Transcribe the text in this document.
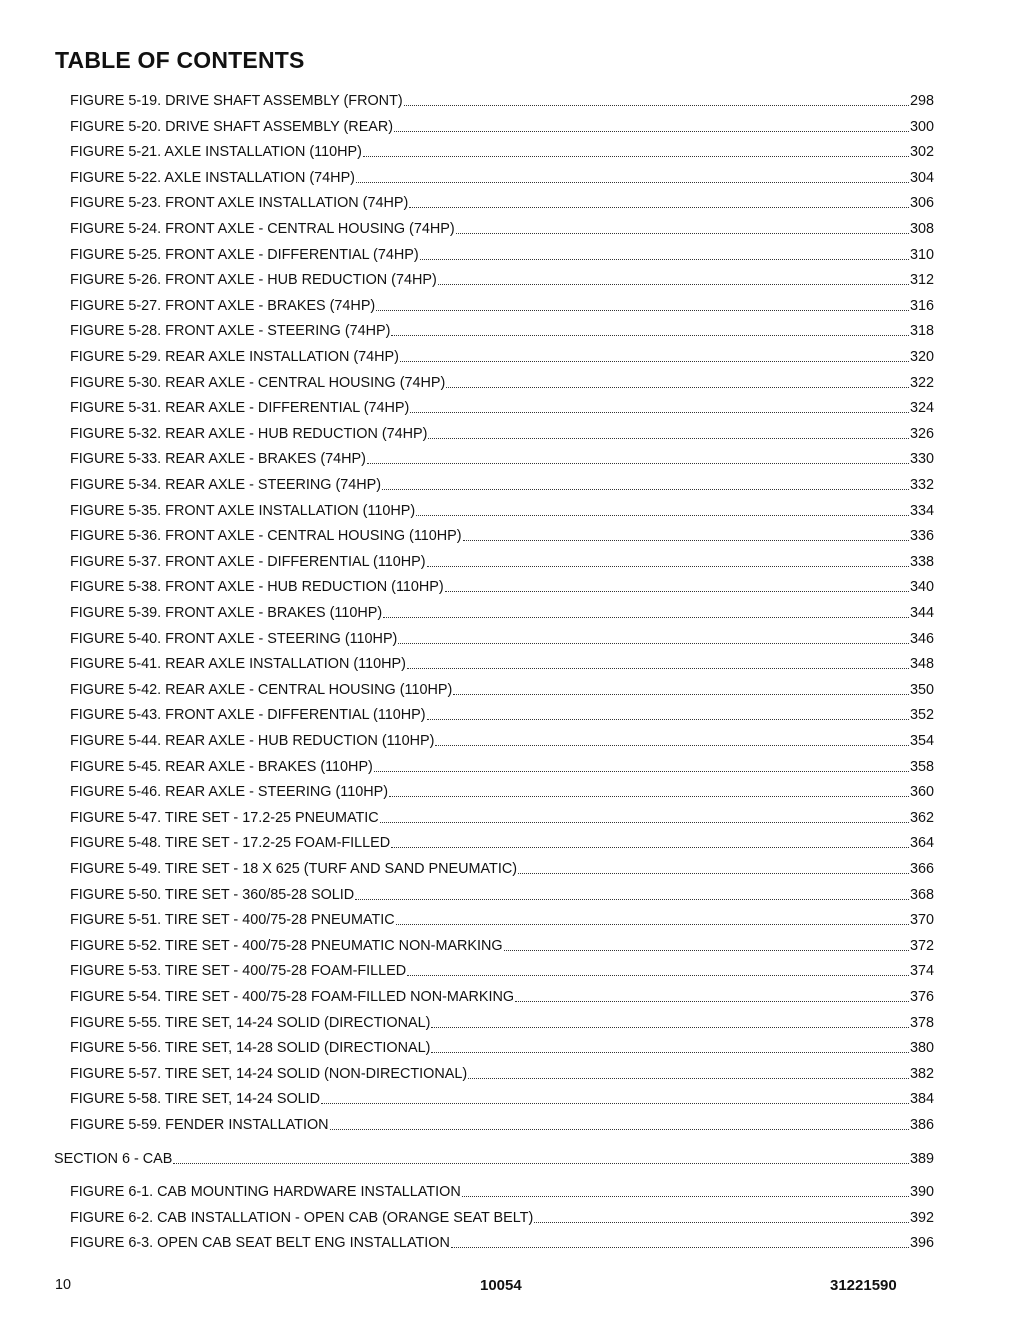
TABLE OF CONTENTS
FIGURE 5-19. DRIVE SHAFT ASSEMBLY (FRONT)	298
FIGURE 5-20. DRIVE SHAFT ASSEMBLY (REAR)	300
FIGURE 5-21. AXLE INSTALLATION (110HP)	302
FIGURE 5-22. AXLE INSTALLATION (74HP)	304
FIGURE 5-23. FRONT AXLE INSTALLATION (74HP)	306
FIGURE 5-24. FRONT AXLE - CENTRAL HOUSING (74HP)	308
FIGURE 5-25. FRONT AXLE - DIFFERENTIAL (74HP)	310
FIGURE 5-26. FRONT AXLE - HUB REDUCTION (74HP)	312
FIGURE 5-27. FRONT AXLE - BRAKES (74HP)	316
FIGURE 5-28. FRONT AXLE - STEERING (74HP)	318
FIGURE 5-29. REAR AXLE INSTALLATION (74HP)	320
FIGURE 5-30. REAR AXLE - CENTRAL HOUSING (74HP)	322
FIGURE 5-31. REAR AXLE - DIFFERENTIAL (74HP)	324
FIGURE 5-32. REAR AXLE - HUB REDUCTION (74HP)	326
FIGURE 5-33. REAR AXLE - BRAKES (74HP)	330
FIGURE 5-34. REAR AXLE - STEERING (74HP)	332
FIGURE 5-35. FRONT AXLE INSTALLATION (110HP)	334
FIGURE 5-36. FRONT AXLE - CENTRAL HOUSING (110HP)	336
FIGURE 5-37. FRONT AXLE - DIFFERENTIAL (110HP)	338
FIGURE 5-38. FRONT AXLE - HUB REDUCTION (110HP)	340
FIGURE 5-39. FRONT AXLE - BRAKES (110HP)	344
FIGURE 5-40. FRONT AXLE - STEERING (110HP)	346
FIGURE 5-41. REAR AXLE INSTALLATION (110HP)	348
FIGURE 5-42. REAR AXLE - CENTRAL HOUSING (110HP)	350
FIGURE 5-43. FRONT AXLE - DIFFERENTIAL (110HP)	352
FIGURE 5-44. REAR AXLE - HUB REDUCTION (110HP)	354
FIGURE 5-45. REAR AXLE - BRAKES (110HP)	358
FIGURE 5-46. REAR AXLE - STEERING (110HP)	360
FIGURE 5-47. TIRE SET - 17.2-25 PNEUMATIC	362
FIGURE 5-48. TIRE SET - 17.2-25 FOAM-FILLED	364
FIGURE 5-49. TIRE SET - 18 X 625 (TURF AND SAND PNEUMATIC)	366
FIGURE 5-50. TIRE SET - 360/85-28 SOLID	368
FIGURE 5-51. TIRE SET - 400/75-28 PNEUMATIC	370
FIGURE 5-52. TIRE SET - 400/75-28 PNEUMATIC NON-MARKING	372
FIGURE 5-53. TIRE SET - 400/75-28 FOAM-FILLED	374
FIGURE 5-54. TIRE SET - 400/75-28 FOAM-FILLED NON-MARKING	376
FIGURE 5-55. TIRE SET, 14-24 SOLID (DIRECTIONAL)	378
FIGURE 5-56. TIRE SET, 14-28 SOLID (DIRECTIONAL)	380
FIGURE 5-57. TIRE SET, 14-24 SOLID (NON-DIRECTIONAL)	382
FIGURE 5-58. TIRE SET, 14-24 SOLID	384
FIGURE 5-59. FENDER INSTALLATION	386
SECTION 6 - CAB	389
FIGURE 6-1. CAB MOUNTING HARDWARE INSTALLATION	390
FIGURE 6-2. CAB INSTALLATION - OPEN CAB (ORANGE SEAT BELT)	392
FIGURE 6-3. OPEN CAB SEAT BELT ENG INSTALLATION	396
10	10054	31221590
